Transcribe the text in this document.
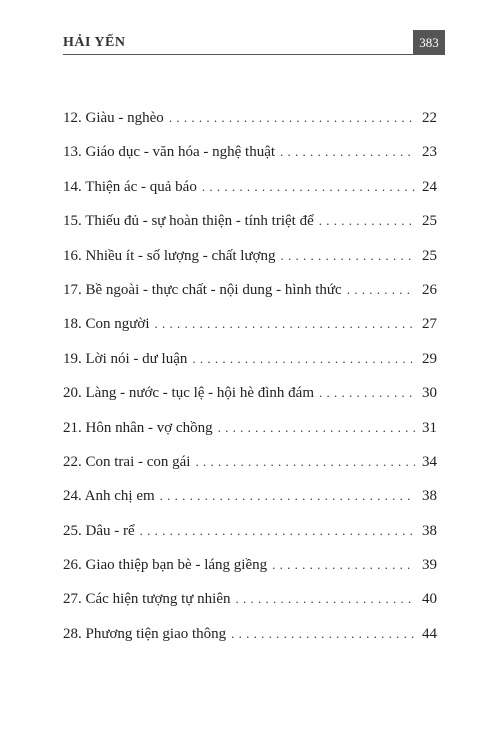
HẢI YẾN	383
12. Giàu - nghèo . . .	22
13. Giáo dục - văn hóa - nghệ thuật . . .	23
14. Thiện ác - quả báo . . .	24
15. Thiếu đủ - sự hoàn thiện - tính triệt để . . .	25
16. Nhiều ít - số lượng - chất lượng . . .	25
17. Bề ngoài - thực chất - nội dung - hình thức . . .	26
18. Con người . . .	27
19. Lời nói - dư luận . . .	29
20. Làng - nước - tục lệ - hội hè đình đám . . .	30
21. Hôn nhân - vợ chồng . . .	31
22. Con trai - con gái . . .	34
24. Anh chị em . . .	38
25. Dâu - rể . . .	38
26. Giao thiệp bạn bè - láng giềng . . .	39
27. Các hiện tượng tự nhiên . . .	40
28. Phương tiện giao thông . . .	44
